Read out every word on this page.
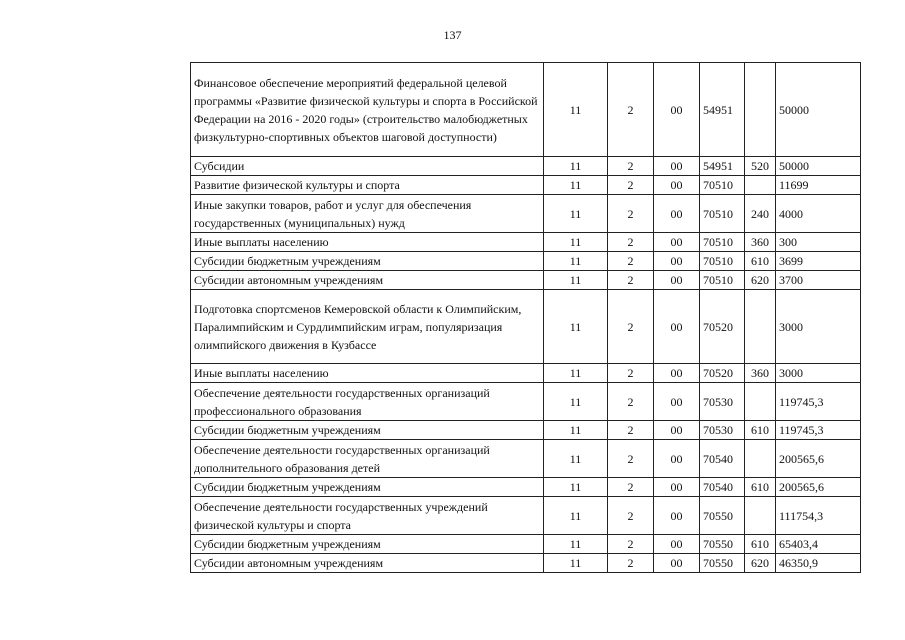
137
Финансовое обеспечение мероприятий федеральной целевой программы «Развитие физической культуры и спорта в Российской Федерации на 2016 - 2020 годы» (строительство малобюджетных физкультурно-спортивных объектов шаговой доступности)	11	2	00	54951		50000
Субсидии	11	2	00	54951	520	50000
Развитие физической культуры и спорта	11	2	00	70510		11699
Иные закупки товаров, работ и услуг для обеспечения государственных (муниципальных) нужд	11	2	00	70510	240	4000
Иные выплаты населению	11	2	00	70510	360	300
Субсидии бюджетным учреждениям	11	2	00	70510	610	3699
Субсидии автономным учреждениям	11	2	00	70510	620	3700
Подготовка спортсменов Кемеровской области к Олимпийским, Паралимпийским и Сурдлимпийским играм, популяризация олимпийского движения в Кузбассе	11	2	00	70520		3000
Иные выплаты населению	11	2	00	70520	360	3000
Обеспечение деятельности государственных организаций профессионального образования	11	2	00	70530		119745,3
Субсидии бюджетным учреждениям	11	2	00	70530	610	119745,3
Обеспечение деятельности государственных организаций дополнительного образования детей	11	2	00	70540		200565,6
Субсидии бюджетным учреждениям	11	2	00	70540	610	200565,6
Обеспечение деятельности государственных учреждений физической культуры и спорта	11	2	00	70550		111754,3
Субсидии бюджетным учреждениям	11	2	00	70550	610	65403,4
Субсидии автономным учреждениям	11	2	00	70550	620	46350,9
